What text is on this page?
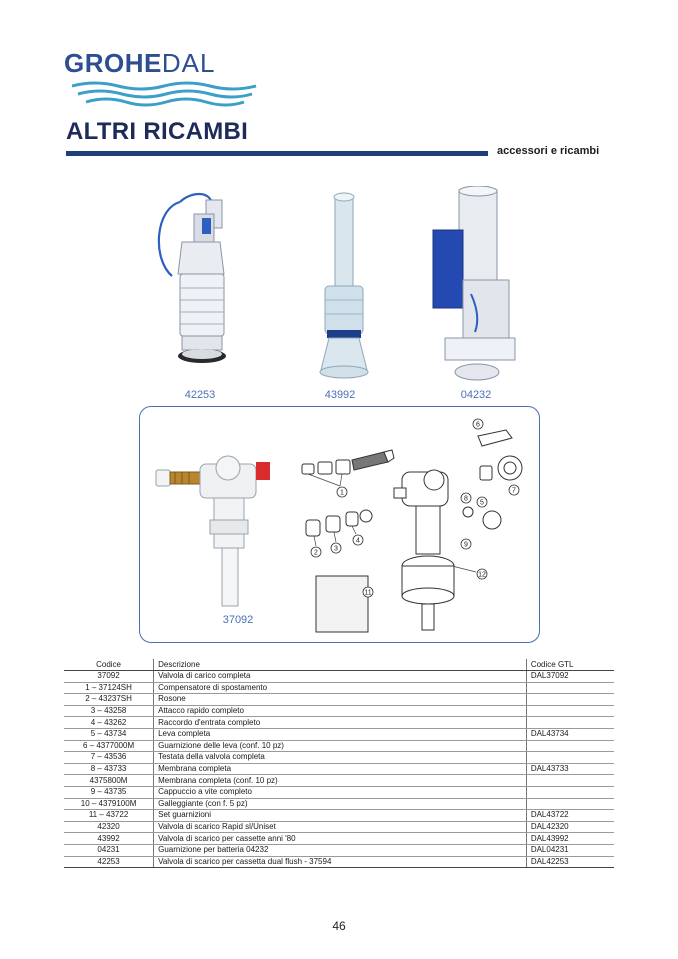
GROHEDAL
ALTRI RICAMBI
accessori e ricambi
42253	43992	04232
37092
1
2
3
4
5
6
7
8
9
11
12
Codice	Descrizione	Codice GTL
37092	Valvola di carico completa	DAL37092
1 – 37124SH	Compensatore di spostamento	
2 – 43237SH	Rosone	
3 – 43258	Attacco rapido completo	
4 – 43262	Raccordo d'entrata completo	
5 – 43734	Leva completa	DAL43734
6 – 4377000M	Guarnizione delle leva (conf. 10 pz)	
7 – 43536	Testata della valvola completa	
8 – 43733	Membrana completa	DAL43733
4375800M	Membrana completa (conf. 10 pz)	
9 – 43735	Cappuccio a vite completo	
10 – 4379100M	Galleggiante (con f. 5 pz)	
11 – 43722	Set guarnizioni	DAL43722
42320	Valvola di scarico Rapid sl/Uniset	DAL42320
43992	Valvola di scarico per cassette anni '80	DAL43992
04231	Guarnizione per batteria 04232	DAL04231
42253	Valvola di scarico per cassetta dual flush - 37594	DAL42253
46
